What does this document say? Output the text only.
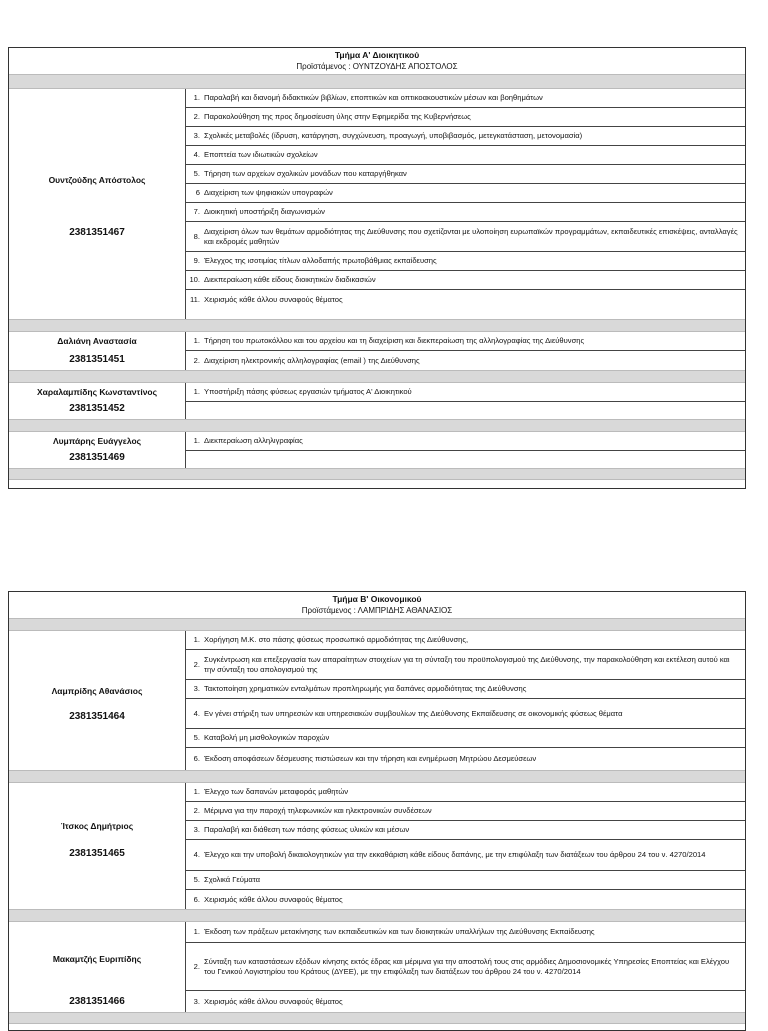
Τμήμα Α' Διοικητικού
Προϊστάμενος : ΟΥΝΤΖΟΥΔΗΣ ΑΠΟΣΤΟΛΟΣ
Ουντζούδης Απόστολος
2381351467
1. Παραλαβή και διανομή διδακτικών βιβλίων, εποπτικών και οπτικοακουστικών μέσων και βοηθημάτων
2. Παρακολούθηση της προς δημοσίευση ύλης στην Εφημερίδα της Κυβερνήσεως
3. Σχολικές μεταβολές (ίδρυση, κατάργηση, συγχώνευση, προαγωγή, υποβιβασμός, μετεγκατάσταση, μετονομασία)
4. Εποπτεία των ιδιωτικών σχολείων
5. Τήρηση των αρχείων σχολικών μονάδων που καταργήθηκαν
6 Διαχείριση των ψηφιακών υπογραφών
7. Διοικητική υποστήριξη διαγωνισμών
8.
Διαχείριση όλων των θεμάτων αρμοδιότητας της Διεύθυνσης που σχετίζονται με υλοποίηση ευρωπαϊκών προγραμμάτων, εκπαιδευτικές επισκέψεις, ανταλλαγές και εκδρομές μαθητών
9. Έλεγχος της ισοτιμίας τίτλων αλλοδαπής πρωτοβάθμιας εκπαίδευσης
10. Διεκπεραίωση κάθε είδους διοικητικών διαδικασιών
11. Χειρισμός κάθε άλλου συναφούς θέματος
Δαλιάνη Αναστασία
2381351451
1. Τήρηση του πρωτοκόλλου και του αρχείου και τη διαχείριση και διεκπεραίωση της αλληλογραφίας της Διεύθυνσης
2. Διαχείριση ηλεκτρονικής αλληλογραφίας (email ) της Διεύθυνσης
Χαραλαμπίδης Κωνσταντίνος
2381351452
1. Υποστήριξη πάσης φύσεως εργασιών τμήματος Α' Διοικητικού
Λυμπάρης Ευάγγελος
2381351469
1. Διεκπεραίωση αλληλιγραφίας
Τμήμα Β' Οικονομικού
Προϊστάμενος : ΛΑΜΠΡΙΔΗΣ ΑΘΑΝΑΣΙΟΣ
Λαμπρίδης Αθανάσιος
2381351464
1. Χορήγηση Μ.Κ. στο πάσης φύσεως προσωπικό αρμοδιότητας της Διεύθυνσης,
2.
Συγκέντρωση και επεξεργασία των απαραίτητων στοιχείων για τη σύνταξη του προϋπολογισμού της Διεύθυνσης, την παρακολούθηση και εκτέλεση αυτού και την σύνταξη του απολογισμού της
3. Τακτοποίηση χρηματικών ενταλμάτων προπληρωμής για δαπάνες αρμοδιότητας της Διεύθυνσης
4. Εν γένει στήριξη των υπηρεσιών και υπηρεσιακών συμβουλίων της Διεύθυνσης Εκπαίδευσης σε οικονομικής φύσεως θέματα
5. Καταβολή μη μισθολογικών παροχών
6. Έκδοση αποφάσεων δέσμευσης πιστώσεων και την τήρηση και ενημέρωση Μητρώου Δεσμεύσεων
Ίτσκος Δημήτριος
2381351465
1. Έλεγχο των δαπανών μεταφοράς μαθητών
2. Μέριμνα για την παροχή τηλεφωνικών και ηλεκτρονικών συνδέσεων
3. Παραλαβή και διάθεση των πάσης φύσεως υλικών και μέσων
4. Έλεγχο και την υποβολή δικαιολογητικών για την εκκαθάριση κάθε είδους δαπάνης, με την επιφύλαξη των διατάξεων του άρθρου 24 του ν. 4270/2014
5. Σχολικά Γεύματα
6. Χειρισμός κάθε άλλου συναφούς θέματος
Μακαμτζής Ευριπίδης
2381351466
1. Έκδοση των πράξεων μετακίνησης των εκπαιδευτικών και των διοικητικών υπαλλήλων της Διεύθυνσης Εκπαίδευσης
2.
Σύνταξη των καταστάσεων εξόδων κίνησης εκτός έδρας και μέριμνα για την αποστολή τους στις αρμόδιες Δημοσιονομικές Υπηρεσίες Εποπτείας και Ελέγχου του Γενικού Λογιστηρίου του Κράτους (ΔΥΕΕ), με την επιφύλαξη των διατάξεων του άρθρου 24 του ν. 4270/2014
3. Χειρισμός κάθε άλλου συναφούς θέματος
